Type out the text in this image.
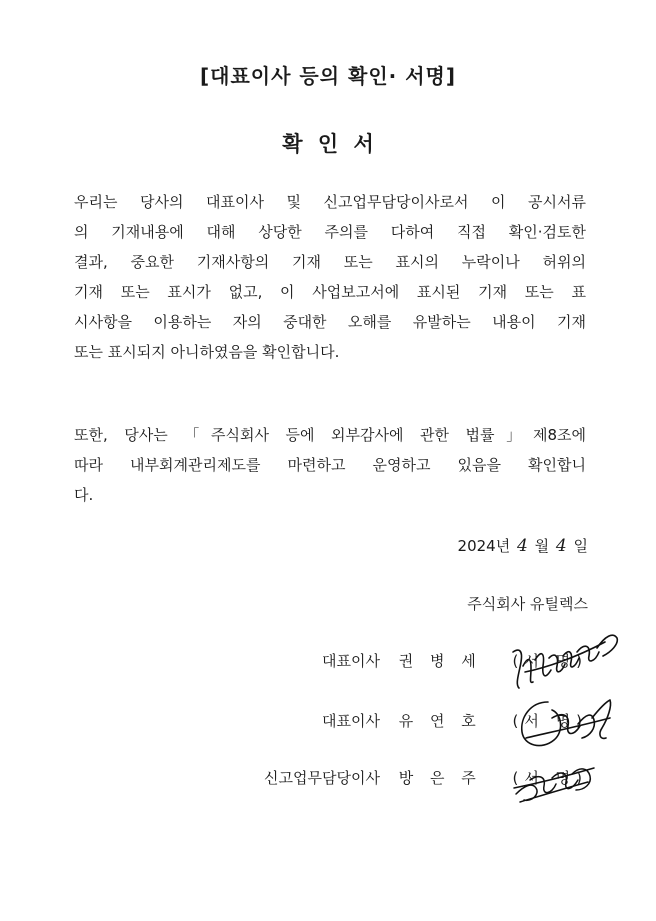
[대표이사 등의 확인· 서명]
확 인 서

우리는 당사의 대표이사 및 신고업무담당이사로서 이 공시서류
의 기재내용에 대해 상당한 주의를 다하여 직접 확인·검토한
결과, 중요한 기재사항의 기재 또는 표시의 누락이나 허위의
기재 또는 표시가 없고, 이 사업보고서에 표시된 기재 또는 표
시사항을 이용하는 자의 중대한 오해를 유발하는 내용이 기재
또는 표시되지 아니하였음을 확인합니다.

또한, 당사는 「주식회사 등에 외부감사에 관한 법률」제8조에
따라 내부회계관리제도를 마련하고 운영하고 있음을 확인합니
다.

2024년 4 월 4 일
주식회사 유틸렉스
대표이사 권 병 세 (서 명)
대표이사 유 연 호 (서 명)
신고업무담당이사 방 은 주 (서 명)
